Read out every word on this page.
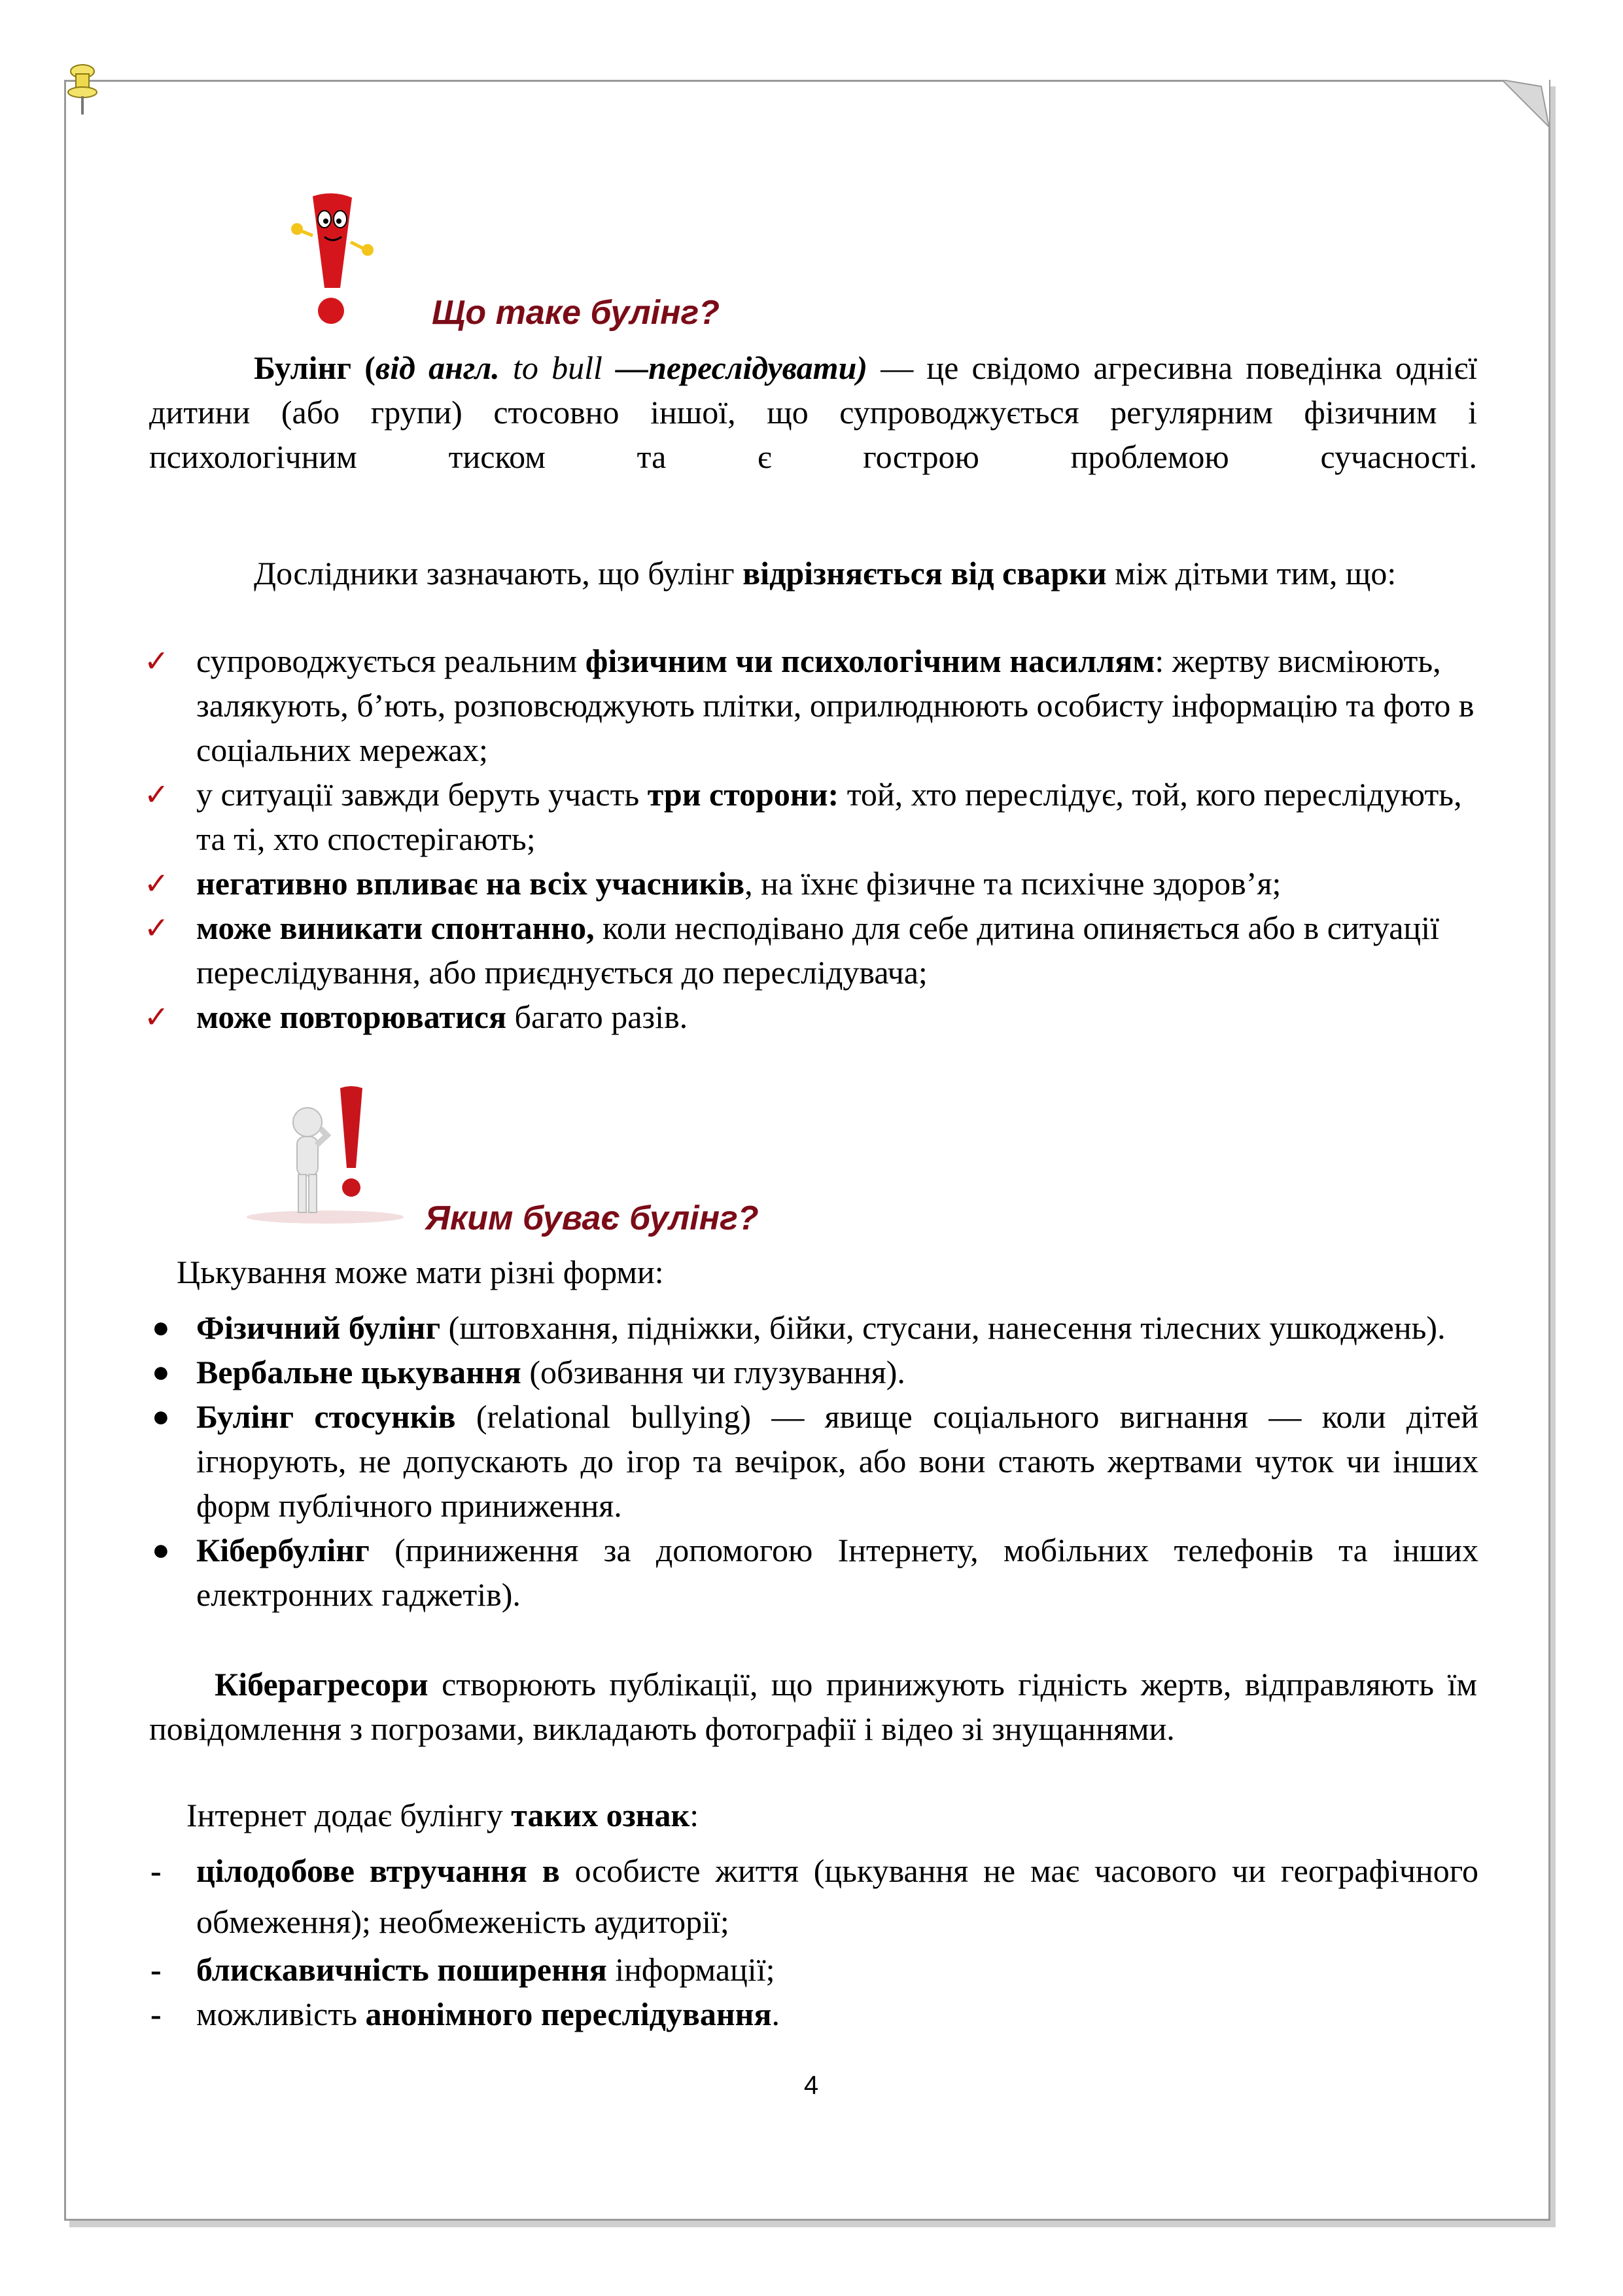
Що таке булінг?
Булінг (від англ. to bull —переслідувати) — це свідомо агресивна поведінка однієї дитини (або групи) стосовно іншої, що супроводжується регулярним фізичним і психологічним тиском та є гострою проблемою сучасності.
Дослідники зазначають, що булінг відрізняється від сварки між дітьми тим, що:
✓ супроводжується реальним фізичним чи психологічним насиллям: жертву висміюють, залякують, б’ють, розповсюджують плітки, оприлюднюють особисту інформацію та фото в соціальних мережах;
✓ у ситуації завжди беруть участь три сторони: той, хто переслідує, той, кого переслідують, та ті, хто спостерігають;
✓ негативно впливає на всіх учасників, на їхнє фізичне та психічне здоров’я;
✓ може виникати спонтанно, коли несподівано для себе дитина опиняється або в ситуації переслідування, або приєднується до переслідувача;
✓ може повторюватися багато разів.
Яким буває булінг?
Цькування може мати різні форми:
● Фізичний булінг (штовхання, підніжки, бійки, стусани, нанесення тілесних ушкоджень).
● Вербальне цькування (обзивання чи глузування).
● Булінг стосунків (relational bullying) — явище соціального вигнання — коли дітей ігнорують, не допускають до ігор та вечірок, або вони стають жертвами чуток чи інших форм публічного приниження.
● Кібербулінг (приниження за допомогою Інтернету, мобільних телефонів та інших електронних гаджетів).
Кіберагресори створюють публікації, що принижують гідність жертв, відправляють їм повідомлення з погрозами, викладають фотографії і відео зі знущаннями.
Інтернет додає булінгу таких ознак:
- цілодобове втручання в особисте життя (цькування не має часового чи географічного обмеження); необмеженість аудиторії;
- блискавичність поширення інформації;
- можливість анонімного переслідування.
4
